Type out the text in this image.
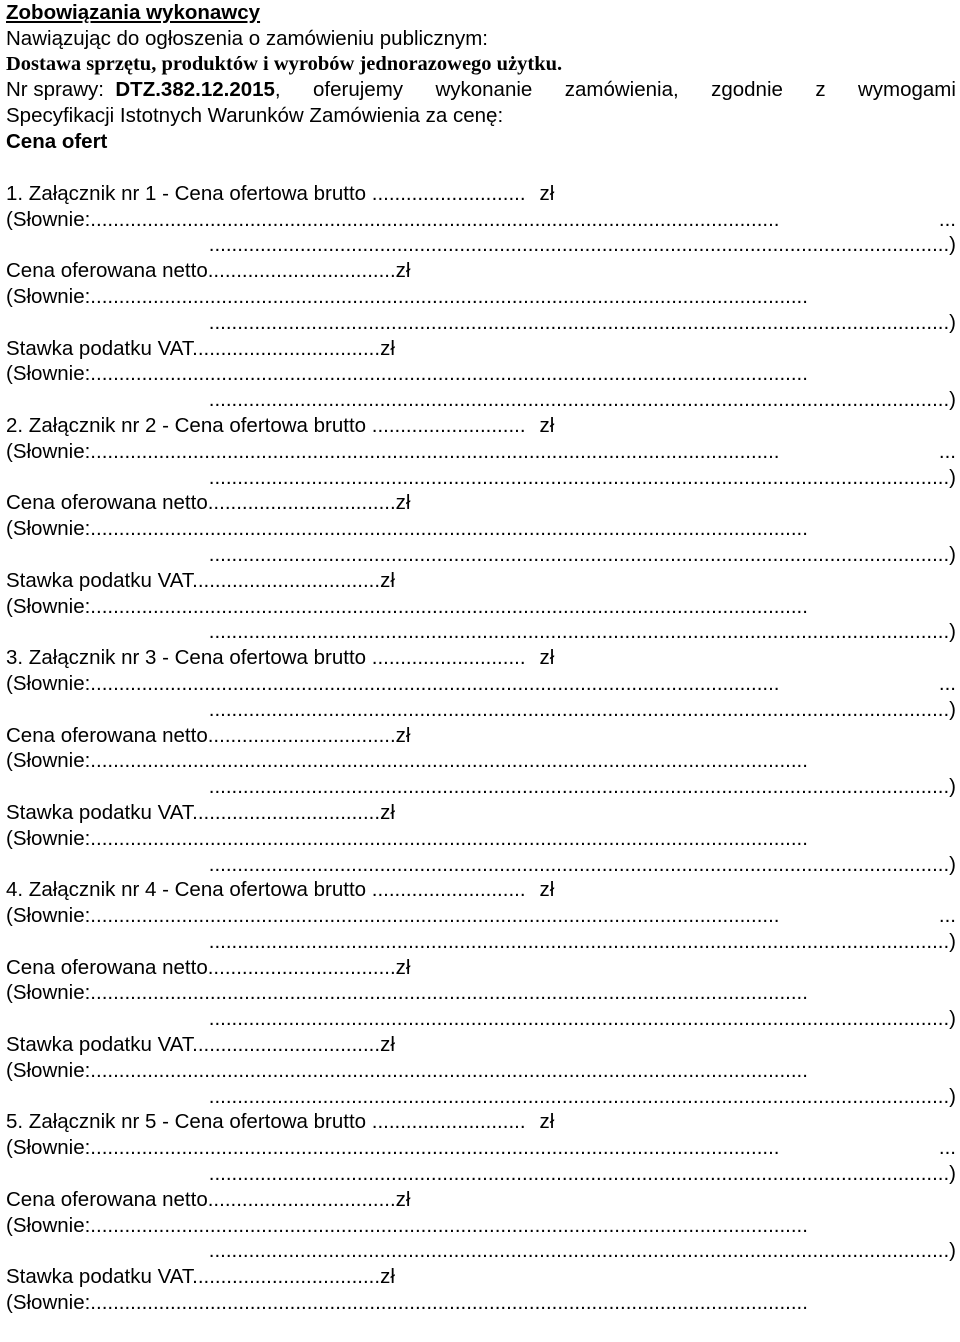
Zobowiązania wykonawcy
Nawiązując do ogłoszenia o zamówieniu publicznym:
Dostawa sprzętu, produktów i wyrobów jednorazowego użytku.
Nr sprawy: DTZ.382.12.2015, oferujemy wykonanie zamówienia, zgodnie z wymogami
Specyfikacji Istotnych Warunków Zamówienia za cenę:
Cena ofert
1. Załącznik nr 1 - Cena ofertowa brutto ........................... zł
(Słownie:.........................................................................................................................	...
..................................................................................................................................)
Cena oferowana netto.................................zł
(Słownie:..............................................................................................................................
..................................................................................................................................)
Stawka podatku VAT.................................zł
(Słownie:..............................................................................................................................
..................................................................................................................................)
2. Załącznik nr 2 - Cena ofertowa brutto ........................... zł
(Słownie:.........................................................................................................................	...
..................................................................................................................................)
Cena oferowana netto.................................zł
(Słownie:..............................................................................................................................
..................................................................................................................................)
Stawka podatku VAT.................................zł
(Słownie:..............................................................................................................................
..................................................................................................................................)
3. Załącznik nr 3 - Cena ofertowa brutto ........................... zł
(Słownie:.........................................................................................................................	...
..................................................................................................................................)
Cena oferowana netto.................................zł
(Słownie:..............................................................................................................................
..................................................................................................................................)
Stawka podatku VAT.................................zł
(Słownie:..............................................................................................................................
..................................................................................................................................)
4. Załącznik nr 4 - Cena ofertowa brutto ........................... zł
(Słownie:.........................................................................................................................	...
..................................................................................................................................)
Cena oferowana netto.................................zł
(Słownie:..............................................................................................................................
..................................................................................................................................)
Stawka podatku VAT.................................zł
(Słownie:..............................................................................................................................
..................................................................................................................................)
5. Załącznik nr 5 - Cena ofertowa brutto ........................... zł
(Słownie:.........................................................................................................................	...
..................................................................................................................................)
Cena oferowana netto.................................zł
(Słownie:..............................................................................................................................
..................................................................................................................................)
Stawka podatku VAT.................................zł
(Słownie:..............................................................................................................................
